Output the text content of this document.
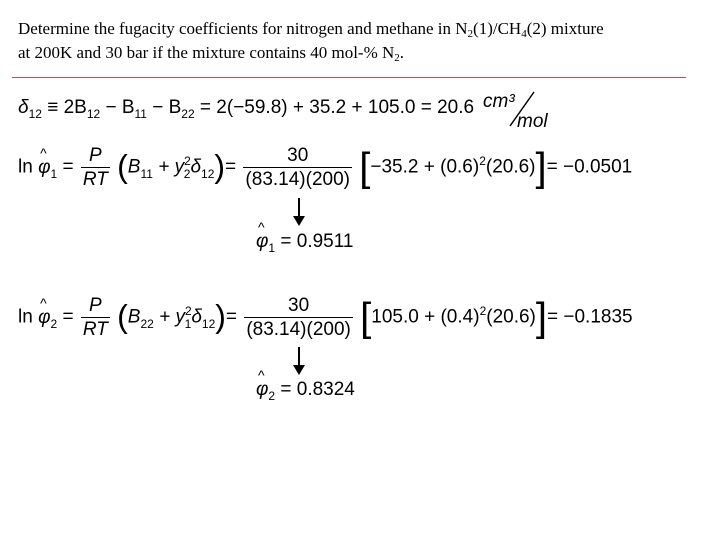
Determine the fugacity coefficients for nitrogen and methane in $N_2(1)/CH_4(2)$ mixture
at 200K and 30 bar if the mixture contains 40 mol-% $N_2$.
$\delta_{12} \equiv 2B_{12} - B_{11} - B_{22} = 2(-59.8) + 35.2 + 105.0 = 20.6$ cm³
mol
ln ^ $\varphi_1 = \frac{P}{RT} (B_{11} + y^2_2\delta_{12})= \frac{30}{(83.14)(200)} [-35.2 + (0.6)^2(20.6)]= -0.0501$
^ $\varphi_1 = 0.9511$
ln ^ $\varphi_2 = \frac{P}{RT} (B_{22} + y^2_1\delta_{12})= \frac{30}{(83.14)(200)} [105.0 + (0.4)^2(20.6)]= -0.1835$
^ $\varphi_2 = 0.8324$
